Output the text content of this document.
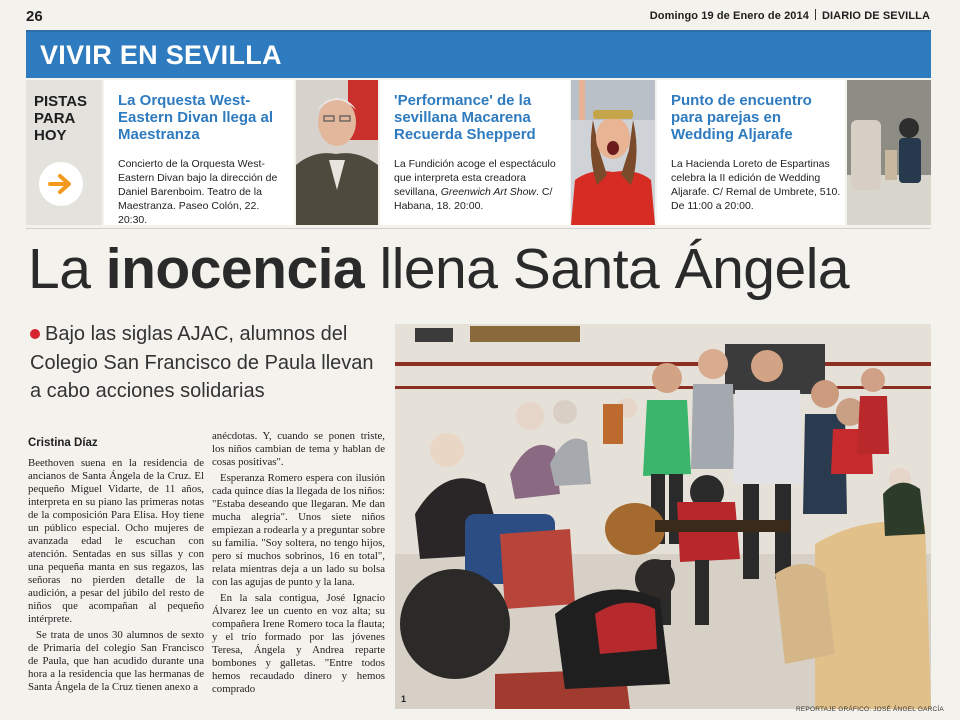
26	Domingo 19 de Enero de 2014 DIARIO DE SEVILLA
VIVIR EN SEVILLA
PISTAS
PARA
HOY
La Orquesta West-Eastern Divan llega al Maestranza
Concierto de la Orquesta West-Eastern Divan bajo la dirección de Daniel Barenboim. Teatro de la Maestranza. Paseo Colón, 22. 20:30.
'Performance' de la sevillana Macarena Recuerda Shepperd
La Fundición acoge el espectáculo que interpreta esta creadora sevillana, Greenwich Art Show. C/ Habana, 18. 20:00.
Punto de encuentro para parejas en Wedding Aljarafe
La Hacienda Loreto de Espartinas celebra la II edición de Wedding Aljarafe. C/ Remal de Umbrete, 510. De 11:00 a 20:00.
La inocencia llena Santa Ángela
Bajo las siglas AJAC, alumnos del Colegio San Francisco de Paula llevan a cabo acciones solidarias
Cristina Díaz

Beethoven suena en la residencia de ancianos de Santa Ángela de la Cruz. El pequeño Miguel Vidarte, de 11 años, interpreta en su piano las primeras notas de la composición Para Elisa. Hoy tiene un público especial. Ocho mujeres de avanzada edad le escuchan con atención. Sentadas en sus sillas y con una pequeña manta en sus regazos, las señoras no pierden detalle de la audición, a pesar del júbilo del resto de niños que acompañan al pequeño intérprete.

Se trata de unos 30 alumnos de sexto de Primaria del colegio San Francisco de Paula, que han acudido durante una hora a la residencia que las hermanas de Santa Ángela de la Cruz tienen anexo a

anécdotas. Y, cuando se ponen triste, los niños cambian de tema y hablan de cosas positivas".

Esperanza Romero espera con ilusión cada quince días la llegada de los niños: "Estaba deseando que llegaran. Me dan mucha alegría". Unos siete niños empiezan a rodearla y a preguntar sobre su familia. "Soy soltera, no tengo hijos, pero sí muchos sobrinos, 16 en total", relata mientras deja a un lado su bolsa con las agujas de punto y la lana.

En la sala contigua, José Ignacio Álvarez lee un cuento en voz alta; su compañera Irene Romero toca la flauta; y el trío formado por las jóvenes Teresa, Ángela y Andrea reparte bombones y galletas. "Entre todos hemos recaudado dinero y hemos comprado

1
REPORTAJE GRÁFICO: JOSÉ ÁNGEL GARCÍA
